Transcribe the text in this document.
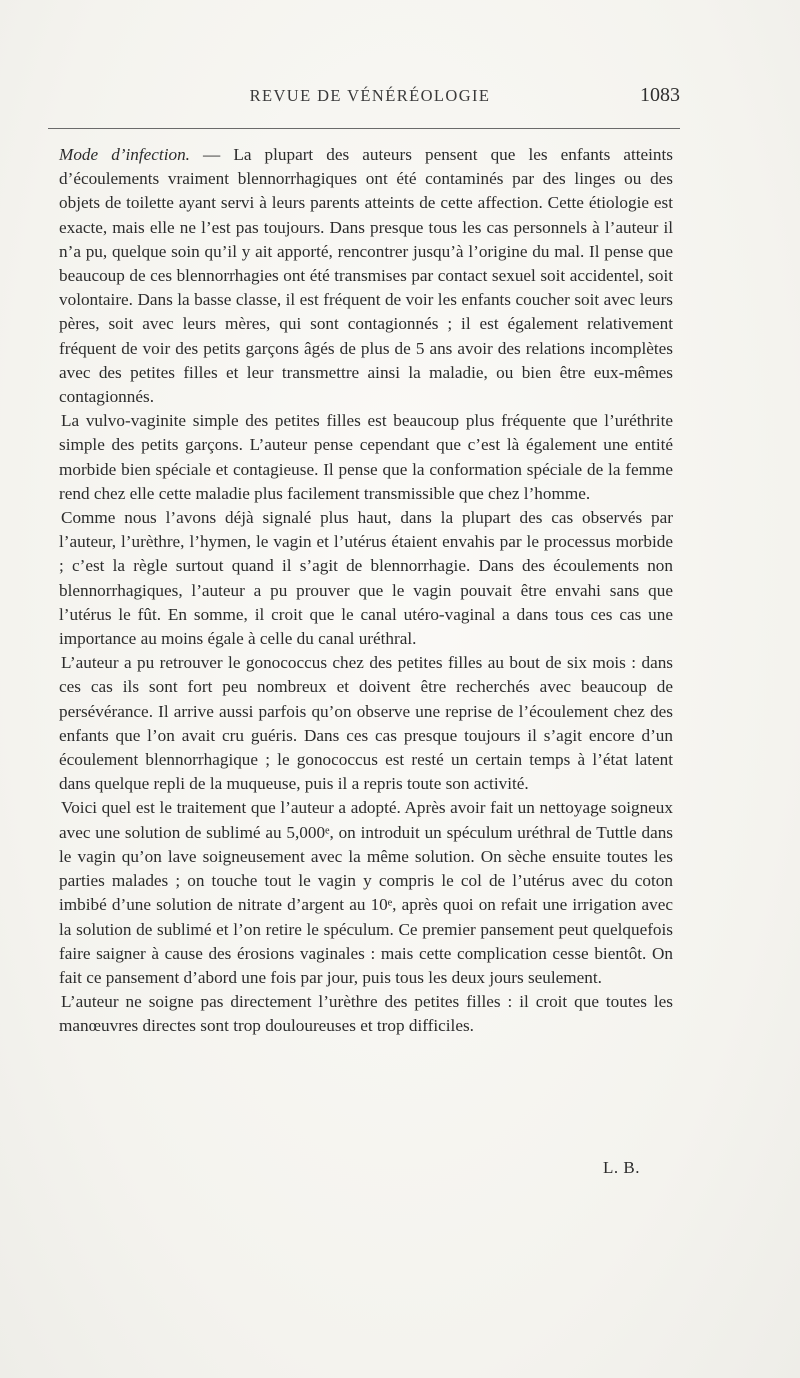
REVUE DE VÉNÉRÉOLOGIE	1083

Mode d’infection. — La plupart des auteurs pensent que les enfants atteints d’écoulements vraiment blennorrhagiques ont été contaminés par des linges ou des objets de toilette ayant servi à leurs parents atteints de cette affection. Cette étiologie est exacte, mais elle ne l’est pas toujours. Dans presque tous les cas personnels à l’auteur il n’a pu, quelque soin qu’il y ait apporté, rencontrer jusqu’à l’origine du mal. Il pense que beaucoup de ces blennorrhagies ont été transmises par contact sexuel soit accidentel, soit volontaire. Dans la basse classe, il est fréquent de voir les enfants coucher soit avec leurs pères, soit avec leurs mères, qui sont contagionnés ; il est également relativement fréquent de voir des petits garçons âgés de plus de 5 ans avoir des relations incomplètes avec des petites filles et leur transmettre ainsi la maladie, ou bien être eux-mêmes contagionnés.

La vulvo-vaginite simple des petites filles est beaucoup plus fréquente que l’uréthrite simple des petits garçons. L’auteur pense cependant que c’est là également une entité morbide bien spéciale et contagieuse. Il pense que la conformation spéciale de la femme rend chez elle cette maladie plus facilement transmissible que chez l’homme.

Comme nous l’avons déjà signalé plus haut, dans la plupart des cas observés par l’auteur, l’urèthre, l’hymen, le vagin et l’utérus étaient envahis par le processus morbide ; c’est la règle surtout quand il s’agit de blennorrhagie. Dans des écoulements non blennorrhagiques, l’auteur a pu prouver que le vagin pouvait être envahi sans que l’utérus le fût. En somme, il croit que le canal utéro-vaginal a dans tous ces cas une importance au moins égale à celle du canal uréthral.

L’auteur a pu retrouver le gonococcus chez des petites filles au bout de six mois : dans ces cas ils sont fort peu nombreux et doivent être recherchés avec beaucoup de persévérance. Il arrive aussi parfois qu’on observe une reprise de l’écoulement chez des enfants que l’on avait cru guéris. Dans ces cas presque toujours il s’agit encore d’un écoulement blennorrhagique ; le gonococcus est resté un certain temps à l’état latent dans quelque repli de la muqueuse, puis il a repris toute son activité.

Voici quel est le traitement que l’auteur a adopté. Après avoir fait un nettoyage soigneux avec une solution de sublimé au 5,000ᵉ, on introduit un spéculum uréthral de Tuttle dans le vagin qu’on lave soigneusement avec la même solution. On sèche ensuite toutes les parties malades ; on touche tout le vagin y compris le col de l’utérus avec du coton imbibé d’une solution de nitrate d’argent au 10ᵉ, après quoi on refait une irrigation avec la solution de sublimé et l’on retire le spéculum. Ce premier pansement peut quelquefois faire saigner à cause des érosions vaginales : mais cette complication cesse bientôt. On fait ce pansement d’abord une fois par jour, puis tous les deux jours seulement.

L’auteur ne soigne pas directement l’urèthre des petites filles : il croit que toutes les manœuvres directes sont trop douloureuses et trop difficiles.

L. B.
